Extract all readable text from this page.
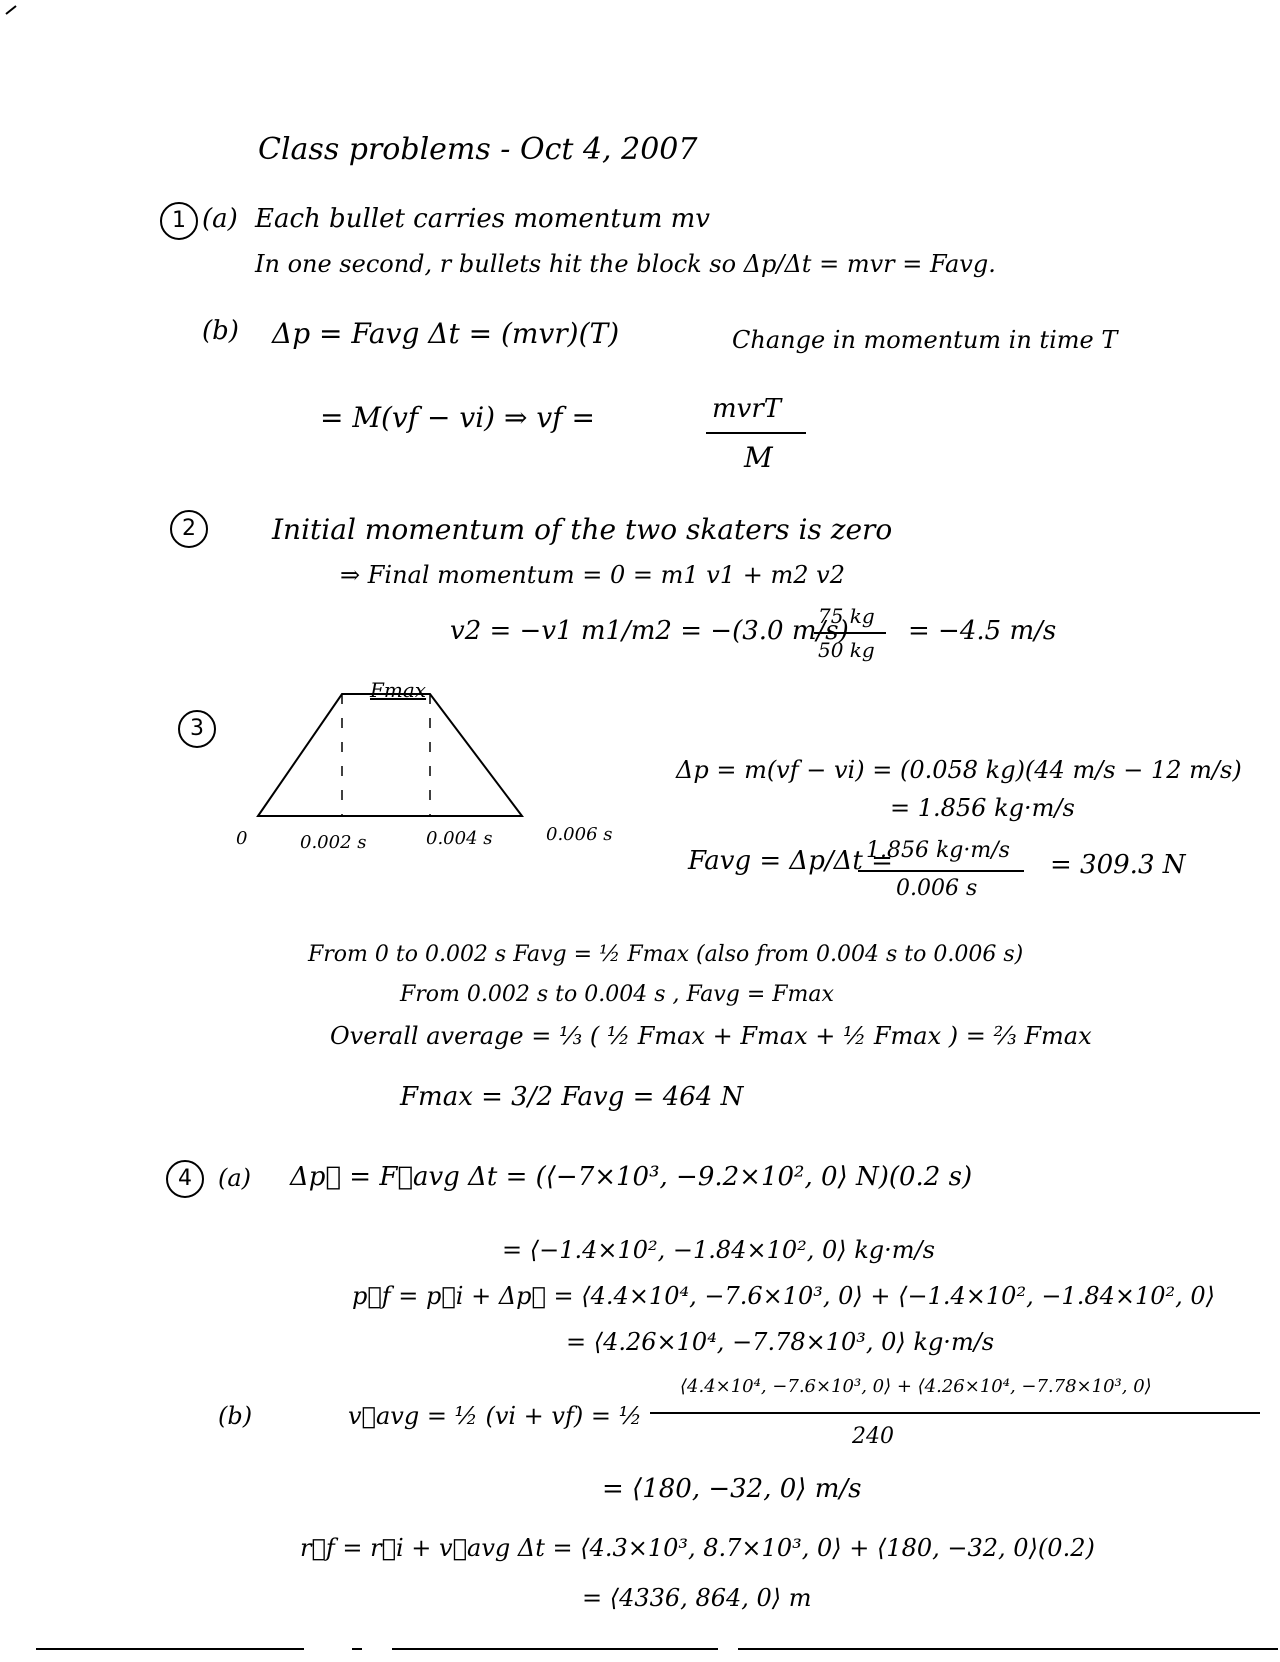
Class problems - Oct 4, 2007
1 (a) Each bullet carries momentum mv
In one second, r bullets hit the block so Δp/Δt = mvr = Favg.
(b) Δp = Favg Δt = (mvr)(T)	Change in momentum in time T
= M(vf − vi) ⇒ vf =	mvrT
M
2	Initial momentum of the two skaters is zero
⇒ Final momentum = 0 = m1 v1 + m2 v2
v2 = −v1 m1/m2 = −(3.0 m/s)
75 kg
50 kg
= −4.5 m/s
3
Fmax
0	0.002 s	0.004 s	0.006 s
Δp = m(vf − vi) = (0.058 kg)(44 m/s − 12 m/s)
= 1.856 kg·m/s
Favg = Δp/Δt =
1.856 kg·m/s
0.006 s
= 309.3 N
From 0 to 0.002 s Favg = ½ Fmax (also from 0.004 s to 0.006 s)
From 0.002 s to 0.004 s , Favg = Fmax
Overall average = ⅓ ( ½ Fmax + Fmax + ½ Fmax ) = ⅔ Fmax
Fmax = 3/2 Favg = 464 N
4	(a) Δp⃗ = F⃗avg Δt = (⟨−7×10³, −9.2×10², 0⟩ N)(0.2 s)
= ⟨−1.4×10², −1.84×10², 0⟩ kg·m/s
p⃗f = p⃗i + Δp⃗ = ⟨4.4×10⁴, −7.6×10³, 0⟩ + ⟨−1.4×10², −1.84×10², 0⟩
= ⟨4.26×10⁴, −7.78×10³, 0⟩ kg·m/s
(b)	v⃗avg = ½ (vi + vf) = ½
⟨4.4×10⁴, −7.6×10³, 0⟩ + ⟨4.26×10⁴, −7.78×10³, 0⟩
240
= ⟨180, −32, 0⟩ m/s
r⃗f = r⃗i + v⃗avg Δt = ⟨4.3×10³, 8.7×10³, 0⟩ + ⟨180, −32, 0⟩(0.2)
= ⟨4336, 864, 0⟩ m
